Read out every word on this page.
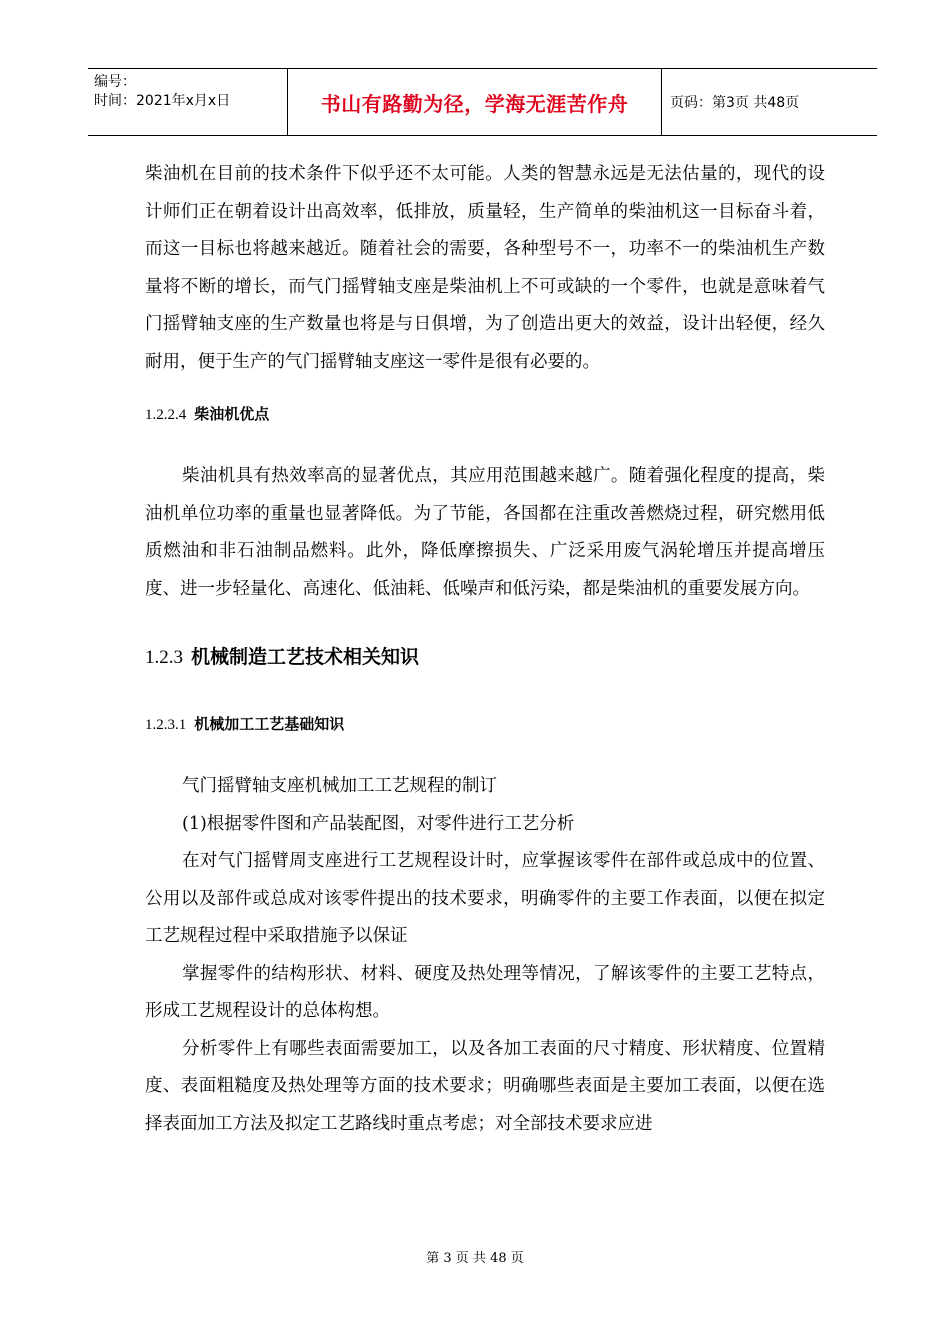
编号：
时间：2021年x月x日	书山有路勤为径，学海无涯苦作舟	页码：第3页 共48页

柴油机在目前的技术条件下似乎还不太可能。人类的智慧永远是无法估量的，现代的设计师们正在朝着设计出高效率，低排放，质量轻，生产简单的柴油机这一目标奋斗着，而这一目标也将越来越近。随着社会的需要，各种型号不一，功率不一的柴油机生产数量将不断的增长，而气门摇臂轴支座是柴油机上不可或缺的一个零件，也就是意味着气门摇臂轴支座的生产数量也将是与日俱增，为了创造出更大的效益，设计出轻便，经久耐用，便于生产的气门摇臂轴支座这一零件是很有必要的。

1.2.2.4 柴油机优点

柴油机具有热效率高的显著优点，其应用范围越来越广。随着强化程度的提高，柴油机单位功率的重量也显著降低。为了节能，各国都在注重改善燃烧过程，研究燃用低质燃油和非石油制品燃料。此外，降低摩擦损失、广泛采用废气涡轮增压并提高增压度、进一步轻量化、高速化、低油耗、低噪声和低污染，都是柴油机的重要发展方向。

1.2.3 机械制造工艺技术相关知识

1.2.3.1 机械加工工艺基础知识

气门摇臂轴支座机械加工工艺规程的制订

(1)根据零件图和产品装配图，对零件进行工艺分析

在对气门摇臂周支座进行工艺规程设计时，应掌握该零件在部件或总成中的位置、公用以及部件或总成对该零件提出的技术要求，明确零件的主要工作表面，以便在拟定工艺规程过程中采取措施予以保证

掌握零件的结构形状、材料、硬度及热处理等情况，了解该零件的主要工艺特点，形成工艺规程设计的总体构想。

分析零件上有哪些表面需要加工，以及各加工表面的尺寸精度、形状精度、位置精度、表面粗糙度及热处理等方面的技术要求；明确哪些表面是主要加工表面，以便在选择表面加工方法及拟定工艺路线时重点考虑；对全部技术要求应进

第 3 页 共 48 页
